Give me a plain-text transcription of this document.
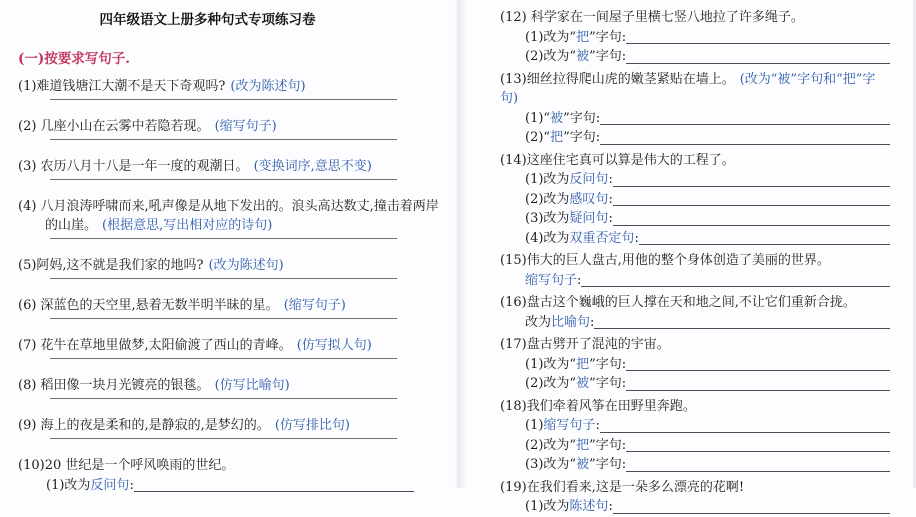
四年级语文上册多种句式专项练习卷
(一)按要求写句子.
(1)难道钱塘江大潮不是天下奇观吗? (改为陈述句)
(2) 几座小山在云雾中若隐若现。 (缩写句子)
(3) 农历八月十八是一年一度的观潮日。 (变换词序,意思不变)
(4) 八月浪涛呼啸而来,吼声像是从地下发出的。浪头高达数丈,撞击着两岸的山崖。 (根据意思,写出相对应的诗句)
(5)阿妈,这不就是我们家的地吗? (改为陈述句)
(6) 深蓝色的天空里,悬着无数半明半昧的星。 (缩写句子)
(7) 花牛在草地里做梦,太阳偷渡了西山的青峰。 (仿写拟人句)
(8) 稻田像一块月光镀亮的银毯。 (仿写比喻句)
(9) 海上的夜是柔和的,是静寂的,是梦幻的。 (仿写排比句)
(10)20 世纪是一个呼风唤雨的世纪。
(1)改为反问句:
(12) 科学家在一间屋子里横七竖八地拉了许多绳子。
(1)改为“把”字句:
(2)改为“被”字句:
(13)细丝拉得爬山虎的嫩茎紧贴在墙上。 (改为“被”字句和“把”字句)
(1)“被”字句:
(2)“把”字句:
(14)这座住宅真可以算是伟大的工程了。
(1)改为反问句:
(2)改为感叹句:
(3)改为疑问句:
(4)改为双重否定句:
(15)伟大的巨人盘古,用他的整个身体创造了美丽的世界。
缩写句子:
(16)盘古这个巍峨的巨人撑在天和地之间,不让它们重新合拢。
改为比喻句:
(17)盘古劈开了混沌的宇宙。
(1)改为“把”字句:
(2)改为“被”字句:
(18)我们牵着风筝在田野里奔跑。
(1)缩写句子:
(2)改为“把”字句:
(3)改为“被”字句:
(19)在我们看来,这是一朵多么漂亮的花啊!
(1)改为陈述句:
